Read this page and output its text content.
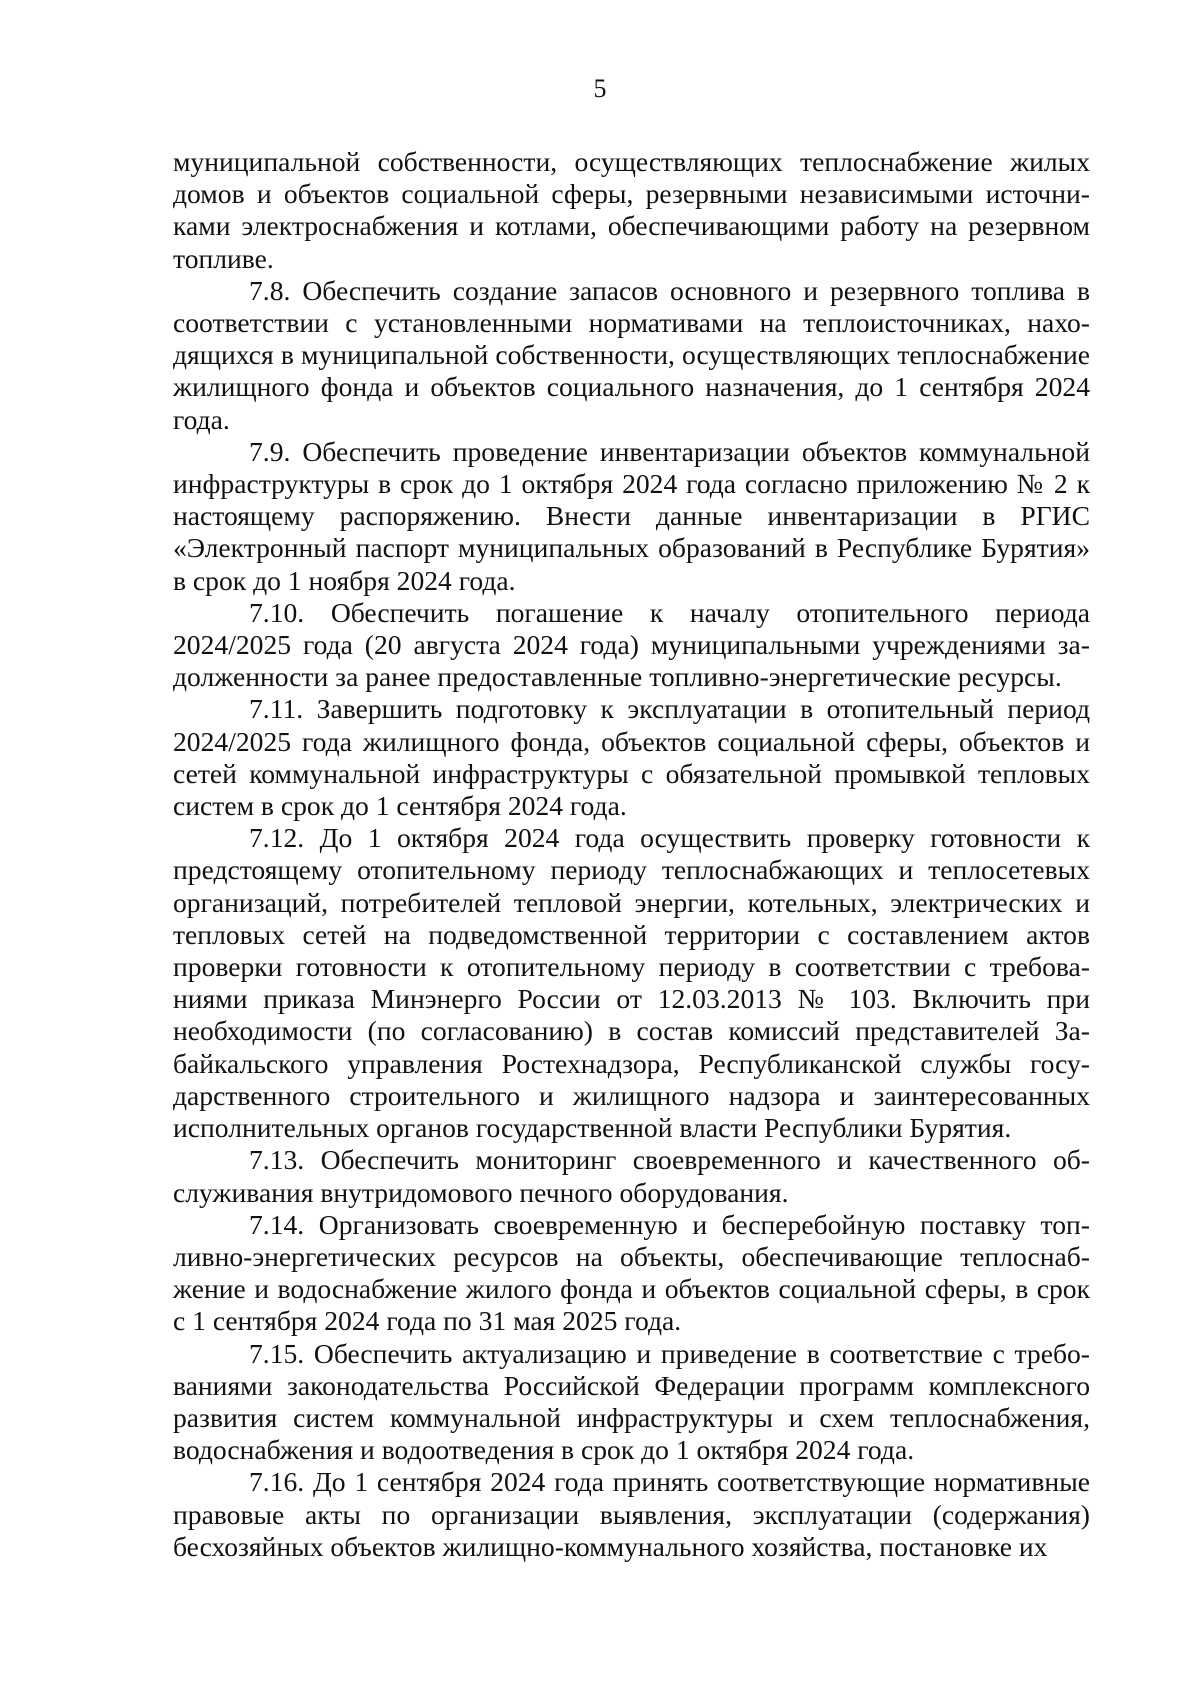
5

муниципальной собственности, осуществляющих теплоснабжение жилых домов и объектов социальной сферы, резервными независимыми источниками электроснабжения и котлами, обеспечивающими работу на резервном топливе.

7.8. Обеспечить создание запасов основного и резервного топлива в соответствии с установленными нормативами на теплоисточниках, находящихся в муниципальной собственности, осуществляющих теплоснабжение жилищного фонда и объектов социального назначения, до 1 сентября 2024 года.

7.9. Обеспечить проведение инвентаризации объектов коммунальной инфраструктуры в срок до 1 октября 2024 года согласно приложению № 2 к настоящему распоряжению. Внести данные инвентаризации в РГИС «Электронный паспорт муниципальных образований в Республике Бурятия» в срок до 1 ноября 2024 года.

7.10. Обеспечить погашение к началу отопительного периода 2024/2025 года (20 августа 2024 года) муниципальными учреждениями задолженности за ранее предоставленные топливно-энергетические ресурсы.

7.11. Завершить подготовку к эксплуатации в отопительный период 2024/2025 года жилищного фонда, объектов социальной сферы, объектов и сетей коммунальной инфраструктуры с обязательной промывкой тепловых систем в срок до 1 сентября 2024 года.

7.12. До 1 октября 2024 года осуществить проверку готовности к предстоящему отопительному периоду теплоснабжающих и теплосетевых организаций, потребителей тепловой энергии, котельных, электрических и тепловых сетей на подведомственной территории с составлением актов проверки готовности к отопительному периоду в соответствии с требованиями приказа Минэнерго России от 12.03.2013 № 103. Включить при необходимости (по согласованию) в состав комиссий представителей Забайкальского управления Ростехнадзора, Республиканской службы государственного строительного и жилищного надзора и заинтересованных исполнительных органов государственной власти Республики Бурятия.

7.13. Обеспечить мониторинг своевременного и качественного обслуживания внутридомового печного оборудования.

7.14. Организовать своевременную и бесперебойную поставку топливно-энергетических ресурсов на объекты, обеспечивающие теплоснабжение и водоснабжение жилого фонда и объектов социальной сферы, в срок с 1 сентября 2024 года по 31 мая 2025 года.

7.15. Обеспечить актуализацию и приведение в соответствие с требованиями законодательства Российской Федерации программ комплексного развития систем коммунальной инфраструктуры и схем теплоснабжения, водоснабжения и водоотведения в срок до 1 октября 2024 года.

7.16. До 1 сентября 2024 года принять соответствующие нормативные правовые акты по организации выявления, эксплуатации (содержания) бесхозяйных объектов жилищно-коммунального хозяйства, постановке их
